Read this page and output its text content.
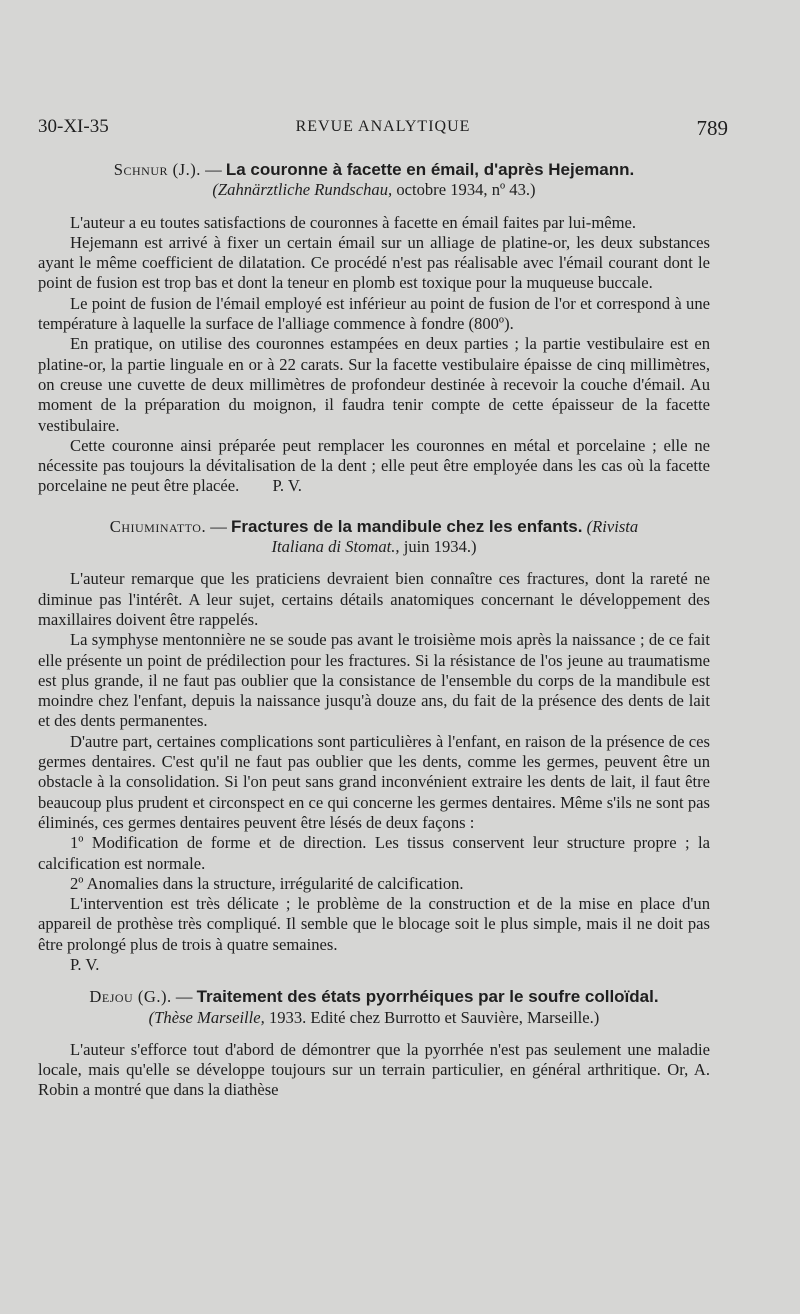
30-XI-35	REVUE ANALYTIQUE	789
Schnur (J.). — La couronne à facette en émail, d'après Hejemann.
(Zahnärztliche Rundschau, octobre 1934, nº 43.)

L'auteur a eu toutes satisfactions de couronnes à facette en émail faites par lui-même.

Hejemann est arrivé à fixer un certain émail sur un alliage de platine-or, les deux substances ayant le même coefficient de dilatation. Ce procédé n'est pas réalisable avec l'émail courant dont le point de fusion est trop bas et dont la teneur en plomb est toxique pour la muqueuse buccale.

Le point de fusion de l'émail employé est inférieur au point de fusion de l'or et correspond à une température à laquelle la surface de l'alliage commence à fondre (800º).

En pratique, on utilise des couronnes estampées en deux parties ; la partie vestibulaire est en platine-or, la partie linguale en or à 22 carats. Sur la facette vestibulaire épaisse de cinq millimètres, on creuse une cuvette de deux millimètres de profondeur destinée à recevoir la couche d'émail. Au moment de la préparation du moignon, il faudra tenir compte de cette épaisseur de la facette vestibulaire.

Cette couronne ainsi préparée peut remplacer les couronnes en métal et porcelaine ; elle ne nécessite pas toujours la dévitalisation de la dent ; elle peut être employée dans les cas où la facette porcelaine ne peut être placée. P. V.

Chiuminatto. — Fractures de la mandibule chez les enfants. (Rivista
Italiana di Stomat., juin 1934.)

L'auteur remarque que les praticiens devraient bien connaître ces fractures, dont la rareté ne diminue pas l'intérêt. A leur sujet, certains détails anatomiques concernant le développement des maxillaires doivent être rappelés.

La symphyse mentonnière ne se soude pas avant le troisième mois après la naissance ; de ce fait elle présente un point de prédilection pour les fractures. Si la résistance de l'os jeune au traumatisme est plus grande, il ne faut pas oublier que la consistance de l'ensemble du corps de la mandibule est moindre chez l'enfant, depuis la naissance jusqu'à douze ans, du fait de la présence des dents de lait et des dents permanentes.

D'autre part, certaines complications sont particulières à l'enfant, en raison de la présence de ces germes dentaires. C'est qu'il ne faut pas oublier que les dents, comme les germes, peuvent être un obstacle à la consolidation. Si l'on peut sans grand inconvénient extraire les dents de lait, il faut être beaucoup plus prudent et circonspect en ce qui concerne les germes dentaires. Même s'ils ne sont pas éliminés, ces germes dentaires peuvent être lésés de deux façons :

1º Modification de forme et de direction. Les tissus conservent leur structure propre ; la calcification est normale.

2º Anomalies dans la structure, irrégularité de calcification.

L'intervention est très délicate ; le problème de la construction et de la mise en place d'un appareil de prothèse très compliqué. Il semble que le blocage soit le plus simple, mais il ne doit pas être prolongé plus de trois à quatre semaines.

P. V.

Dejou (G.). — Traitement des états pyorrhéiques par le soufre colloïdal.
(Thèse Marseille, 1933. Edité chez Burrotto et Sauvière, Marseille.)

L'auteur s'efforce tout d'abord de démontrer que la pyorrhée n'est pas seulement une maladie locale, mais qu'elle se développe toujours sur un terrain particulier, en général arthritique. Or, A. Robin a montré que dans la diathèse
